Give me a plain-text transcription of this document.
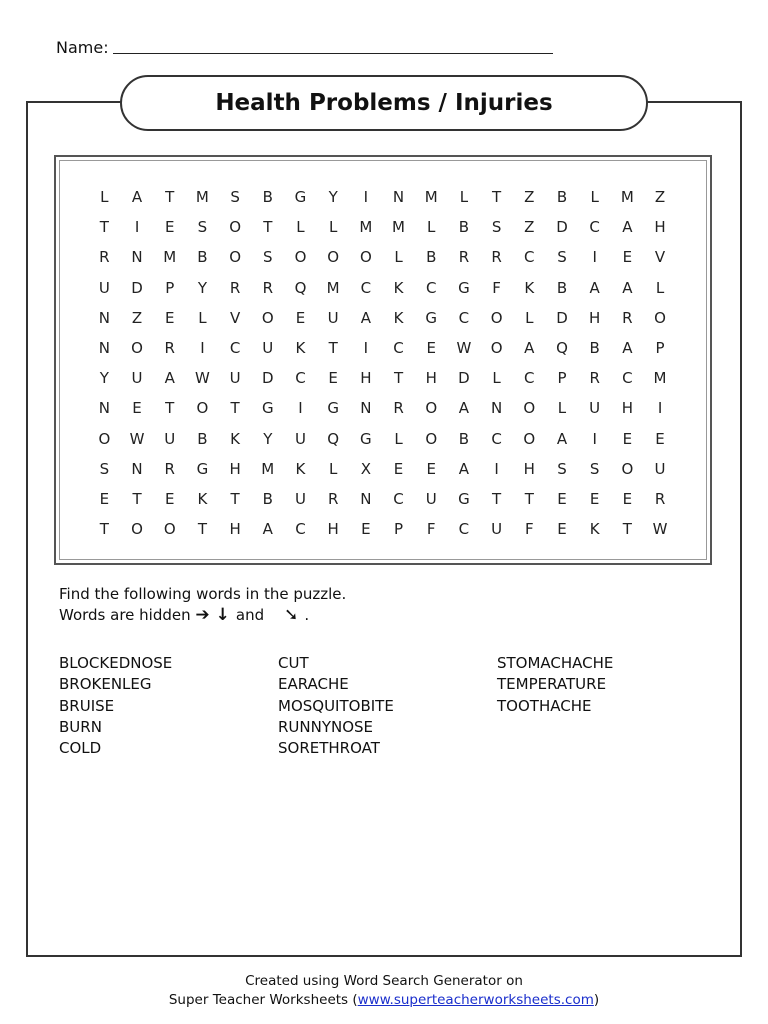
Name:
Health Problems / Injuries
L	A	T	M	S	B	G	Y	I	N	M	L	T	Z	B	L	M	Z
T	I	E	S	O	T	L	L	M	M	L	B	S	Z	D	C	A	H
R	N	M	B	O	S	O	O	O	L	B	R	R	C	S	I	E	V
U	D	P	Y	R	R	Q	M	C	K	C	G	F	K	B	A	A	L
N	Z	E	L	V	O	E	U	A	K	G	C	O	L	D	H	R	O
N	O	R	I	C	U	K	T	I	C	E	W	O	A	Q	B	A	P
Y	U	A	W	U	D	C	E	H	T	H	D	L	C	P	R	C	M
N	E	T	O	T	G	I	G	N	R	O	A	N	O	L	U	H	I
O	W	U	B	K	Y	U	Q	G	L	O	B	C	O	A	I	E	E
S	N	R	G	H	M	K	L	X	E	E	A	I	H	S	S	O	U
E	T	E	K	T	B	U	R	N	C	U	G	T	T	E	E	E	R
T	O	O	T	H	A	C	H	E	P	F	C	U	F	E	K	T	W
Find the following words in the puzzle.
Words are hidden ➔ ↓ and ➘ .
BLOCKEDNOSE
BROKENLEG
BRUISE
BURN
COLD
CUT
EARACHE
MOSQUITOBITE
RUNNYNOSE
SORETHROAT
STOMACHACHE
TEMPERATURE
TOOTHACHE
Created using Word Search Generator on
Super Teacher Worksheets (www.superteacherworksheets.com)
